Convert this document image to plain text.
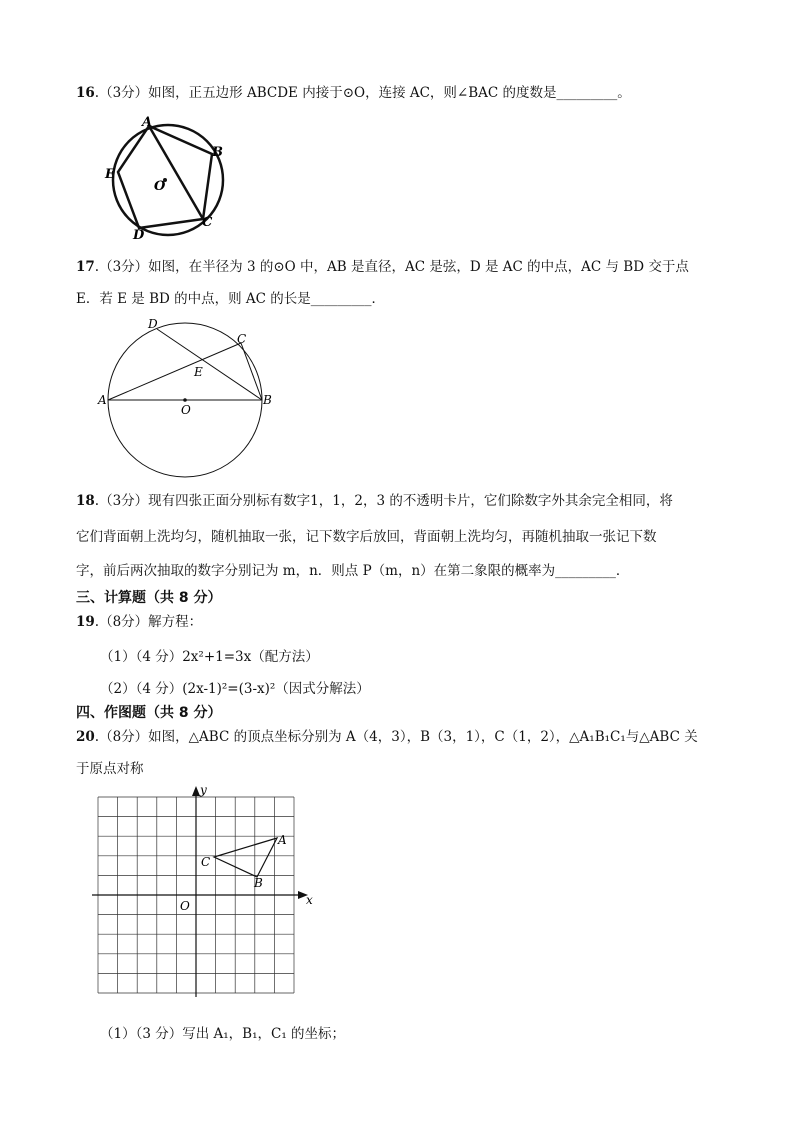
16.（3分）如图，正五边形 ABCDE 内接于⊙O，连接 AC，则∠BAC 的度数是_________。
A
B
C
D
E
O
17.（3分）如图，在半径为 3 的⊙O 中，AB 是直径，AC 是弦，D 是 AC 的中点，AC 与 BD 交于点
E．若 E 是 BD 的中点，则 AC 的长是_________．
A	B
C
D
E
O
18.（3分）现有四张正面分别标有数字1，1，2，3 的不透明卡片，它们除数字外其余完全相同，将
它们背面朝上洗均匀，随机抽取一张，记下数字后放回，背面朝上洗均匀，再随机抽取一张记下数
字，前后两次抽取的数字分别记为 m，n．则点 P（m，n）在第二象限的概率为_________．
三、计算题（共 8 分）
19.（8分）解方程：
（1）（4 分）2x²+1=3x（配方法）
（2）（4 分）(2x-1)²=(3-x)²（因式分解法）
四、作图题（共 8 分）
20.（8分）如图，△ABC 的顶点坐标分别为 A（4，3），B（3，1），C（1，2），△A₁B₁C₁与△ABC 关
于原点对称
A
B
C
O	x
y
（1）（3 分）写出 A₁，B₁，C₁ 的坐标；
